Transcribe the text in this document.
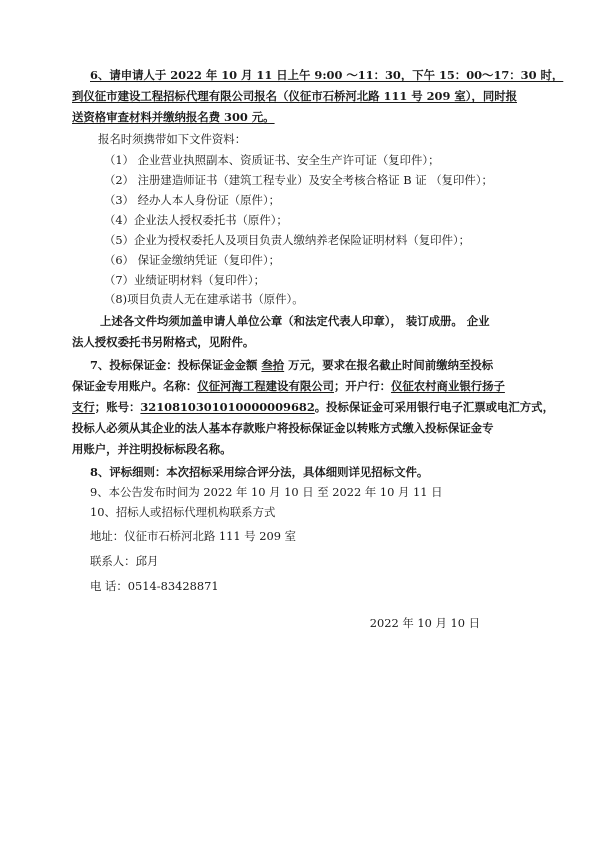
6、请申请人于 2022 年 10 月 11 日上午 9:00 ～11：30，下午 15：00～17：30 时，

到仪征市建设工程招标代理有限公司报名（仪征市石桥河北路 111 号 209 室），同时报

送资格审查材料并缴纳报名费 300 元。

报名时须携带如下文件资料：

（1） 企业营业执照副本、资质证书、安全生产许可证（复印件）；

（2） 注册建造师证书（建筑工程专业）及安全考核合格证 B 证 （复印件）；

（3） 经办人本人身份证（原件）；

（4）企业法人授权委托书（原件）；

（5）企业为授权委托人及项目负责人缴纳养老保险证明材料（复印件）；

（6） 保证金缴纳凭证（复印件）；

（7）业绩证明材料（复印件）；

（8)项目负责人无在建承诺书（原件）。

上述各文件均须加盖申请人单位公章（和法定代表人印章）， 装订成册。 企业

法人授权委托书另附格式，见附件。

7、投标保证金：投标保证金金额 叁拾 万元，要求在报名截止时间前缴纳至投标

保证金专用账户。名称：仪征河海工程建设有限公司；开户行：仪征农村商业银行扬子

支行；账号：3210810301010000009682。投标保证金可采用银行电子汇票或电汇方式，

投标人必须从其企业的法人基本存款账户将投标保证金以转账方式缴入投标保证金专

用账户，并注明投标标段名称。

8、评标细则：本次招标采用综合评分法，具体细则详见招标文件。

9、本公告发布时间为 2022 年 10 月 10 日 至 2022 年 10 月 11 日

10、招标人或招标代理机构联系方式

地址：仪征市石桥河北路 111 号 209 室

联系人：邱月

电 话：0514-83428871

2022 年 10 月 10 日
